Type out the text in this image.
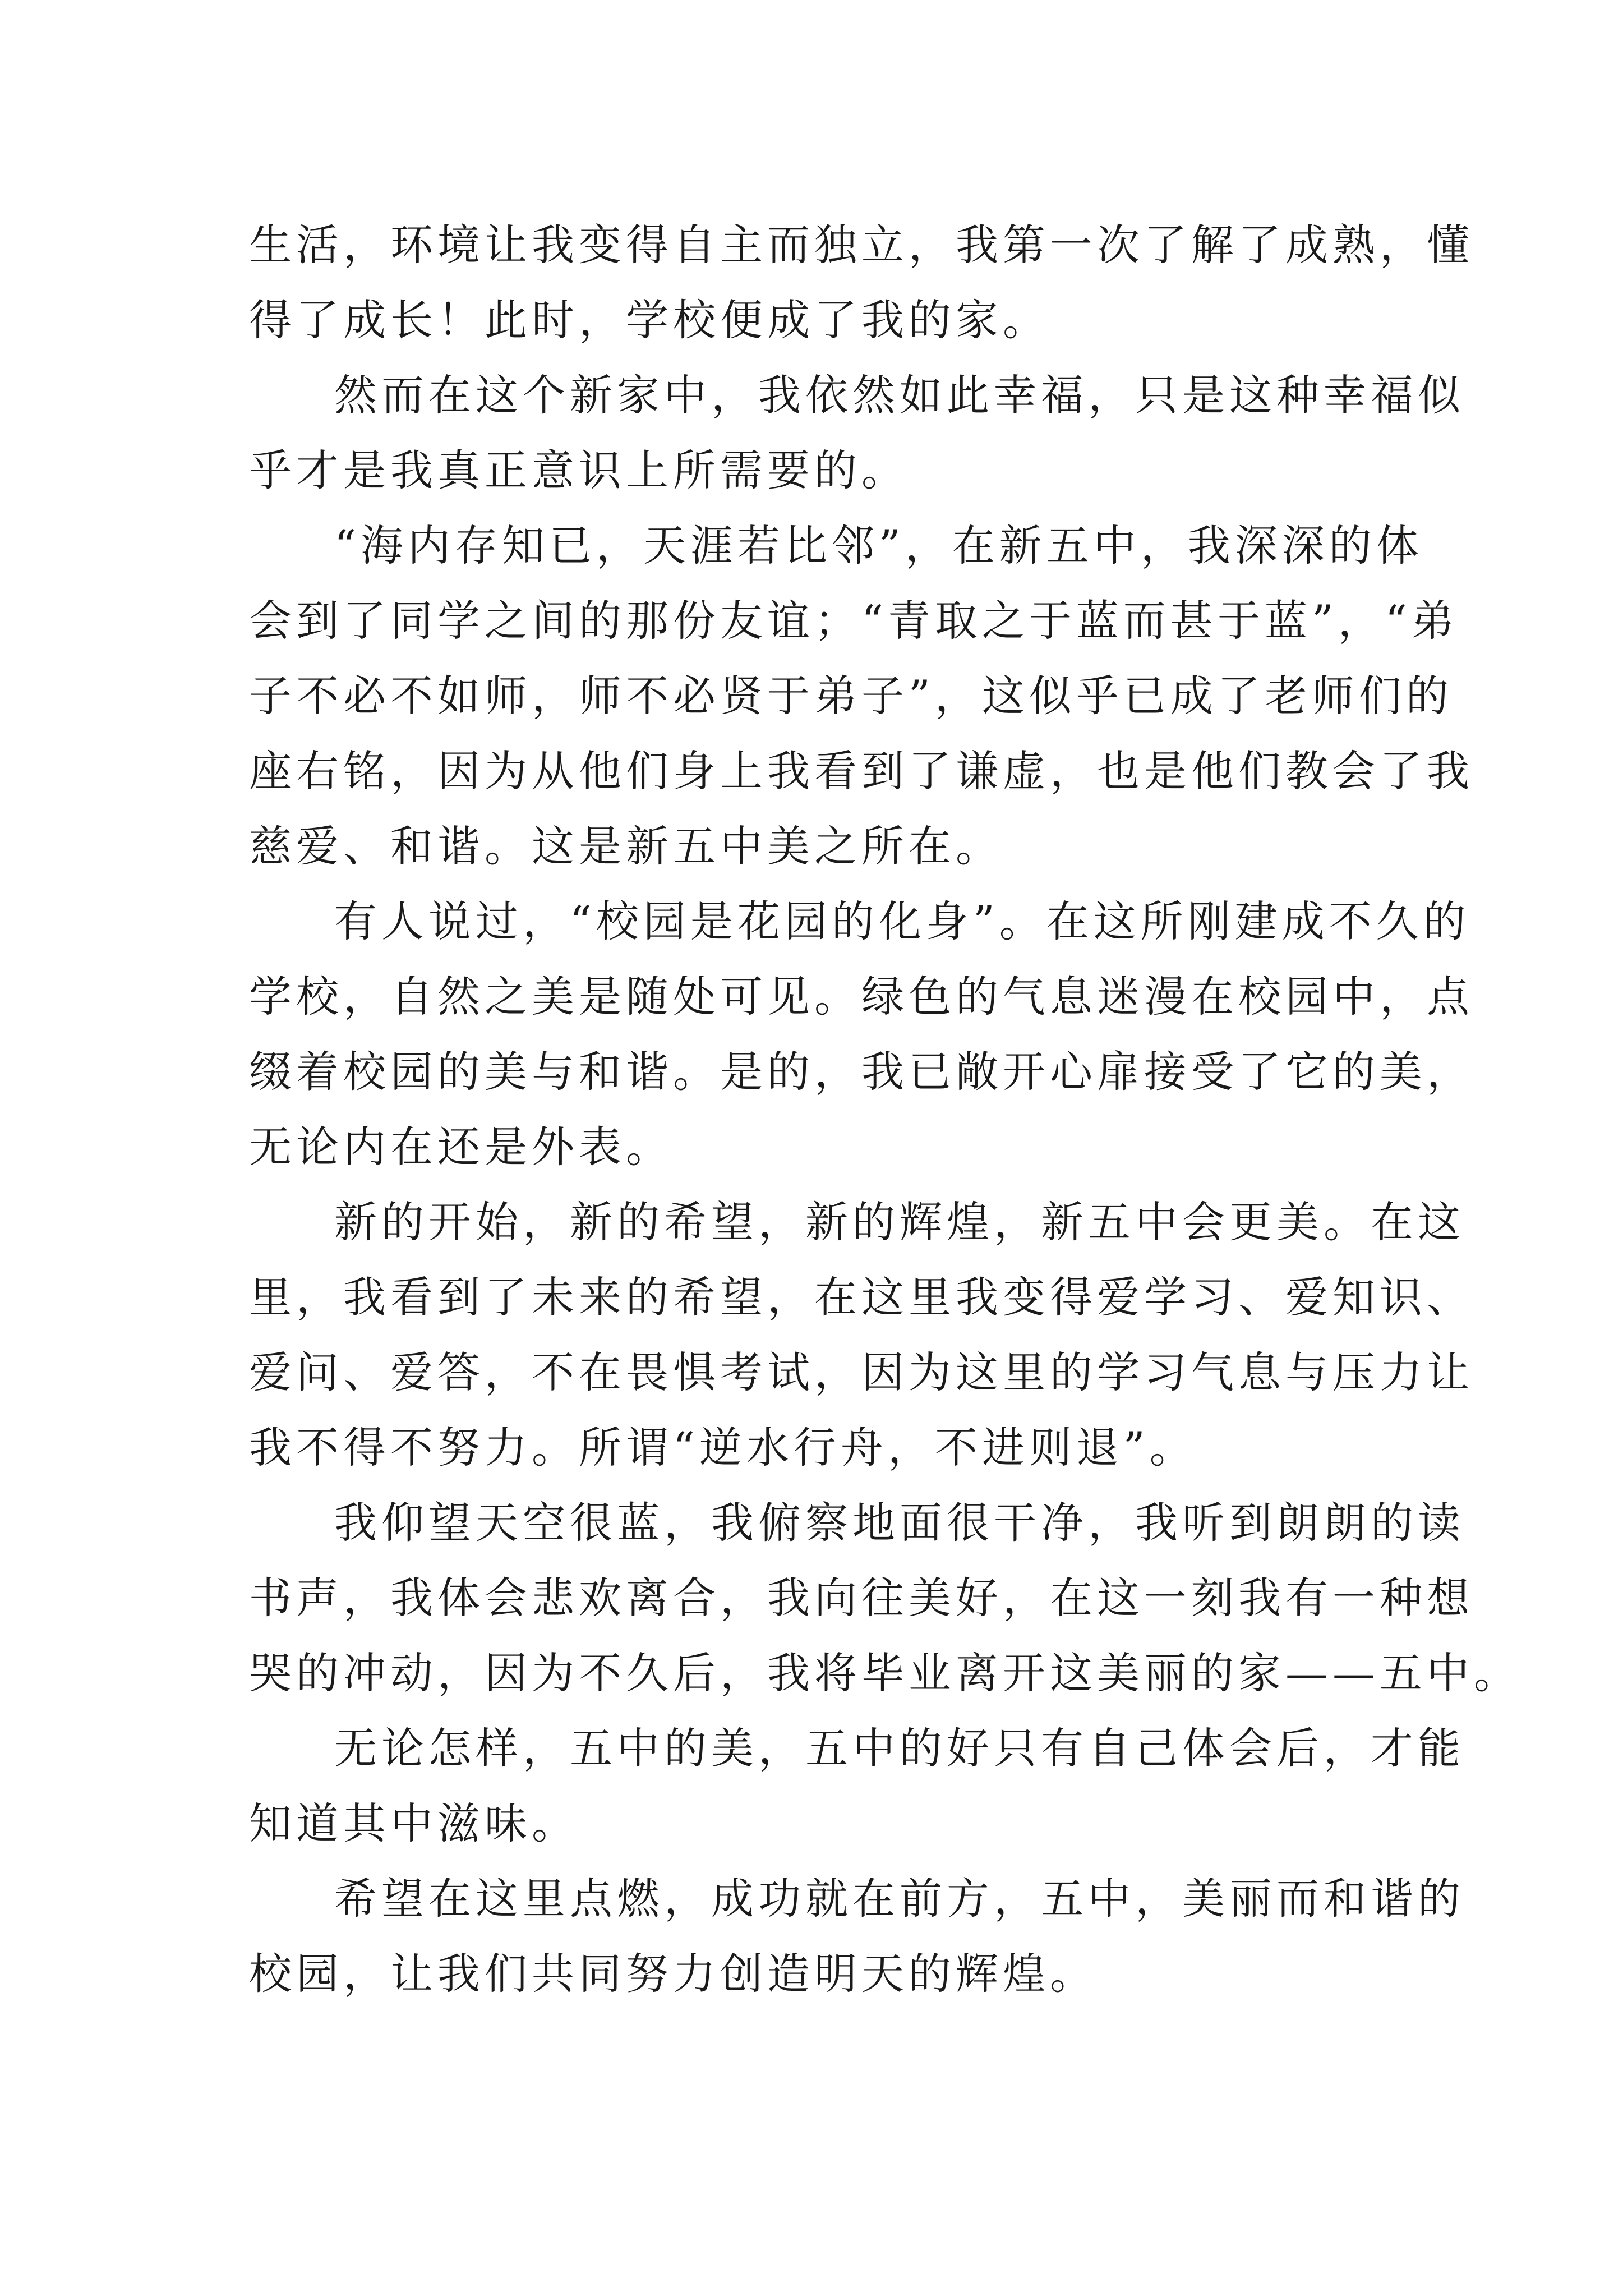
生活，环境让我变得自主而独立，我第一次了解了成熟，懂
得了成长！此时，学校便成了我的家。
然而在这个新家中，我依然如此幸福，只是这种幸福似
乎才是我真正意识上所需要的。
“海内存知已，天涯若比邻”，在新五中，我深深的体
会到了同学之间的那份友谊；“青取之于蓝而甚于蓝”，“弟
子不必不如师，师不必贤于弟子”，这似乎已成了老师们的
座右铭，因为从他们身上我看到了谦虚，也是他们教会了我
慈爱、和谐。这是新五中美之所在。
有人说过，“校园是花园的化身”。在这所刚建成不久的
学校，自然之美是随处可见。绿色的气息迷漫在校园中，点
缀着校园的美与和谐。是的，我已敞开心扉接受了它的美，
无论内在还是外表。
新的开始，新的希望，新的辉煌，新五中会更美。在这
里，我看到了未来的希望，在这里我变得爱学习、爱知识、
爱问、爱答，不在畏惧考试，因为这里的学习气息与压力让
我不得不努力。所谓“逆水行舟，不进则退”。
我仰望天空很蓝，我俯察地面很干净，我听到朗朗的读
书声，我体会悲欢离合，我向往美好，在这一刻我有一种想
哭的冲动，因为不久后，我将毕业离开这美丽的家——五中。
无论怎样，五中的美，五中的好只有自己体会后，才能
知道其中滋味。
希望在这里点燃，成功就在前方，五中，美丽而和谐的
校园，让我们共同努力创造明天的辉煌。
